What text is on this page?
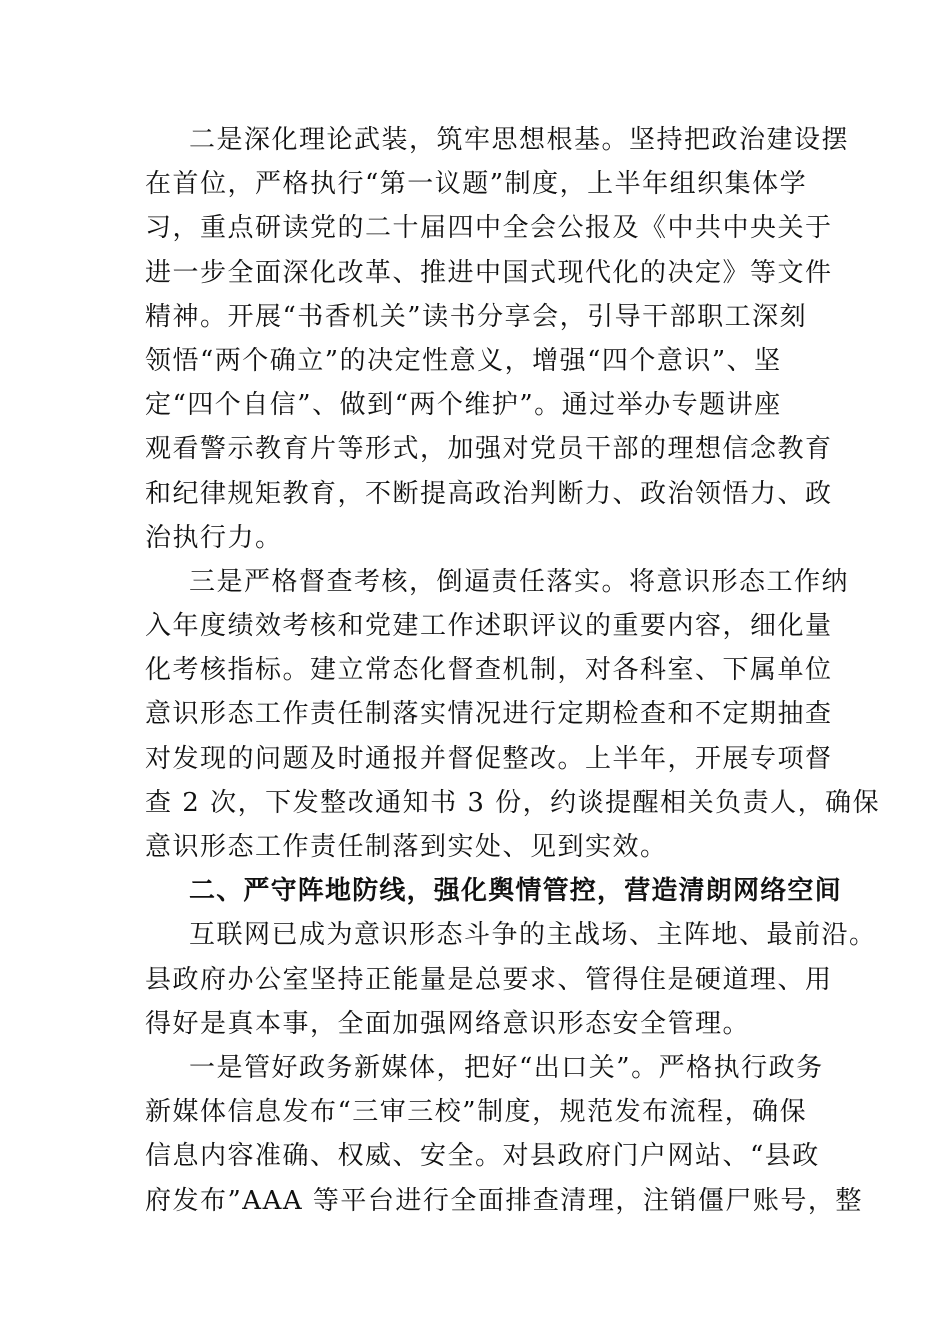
二是深化理论武装，筑牢思想根基。坚持把政治建设摆
在首位，严格执行“第一议题”制度，上半年组织集体学
习，重点研读党的二十届四中全会公报及《中共中央关于
进一步全面深化改革、推进中国式现代化的决定》等文件
精神。开展“书香机关”读书分享会，引导干部职工深刻
领悟“两个确立”的决定性意义，增强“四个意识”、坚
定“四个自信”、做到“两个维护”。通过举办专题讲座
观看警示教育片等形式，加强对党员干部的理想信念教育
和纪律规矩教育，不断提高政治判断力、政治领悟力、政
治执行力。
三是严格督查考核，倒逼责任落实。将意识形态工作纳
入年度绩效考核和党建工作述职评议的重要内容，细化量
化考核指标。建立常态化督查机制，对各科室、下属单位
意识形态工作责任制落实情况进行定期检查和不定期抽查
对发现的问题及时通报并督促整改。上半年，开展专项督
查 2 次，下发整改通知书 3 份，约谈提醒相关负责人，确保
意识形态工作责任制落到实处、见到实效。
二、严守阵地防线，强化舆情管控，营造清朗网络空间
互联网已成为意识形态斗争的主战场、主阵地、最前沿。
县政府办公室坚持正能量是总要求、管得住是硬道理、用
得好是真本事，全面加强网络意识形态安全管理。
一是管好政务新媒体，把好“出口关”。严格执行政务
新媒体信息发布“三审三校”制度，规范发布流程，确保
信息内容准确、权威、安全。对县政府门户网站、“县政
府发布”AAA 等平台进行全面排查清理，注销僵尸账号，整
